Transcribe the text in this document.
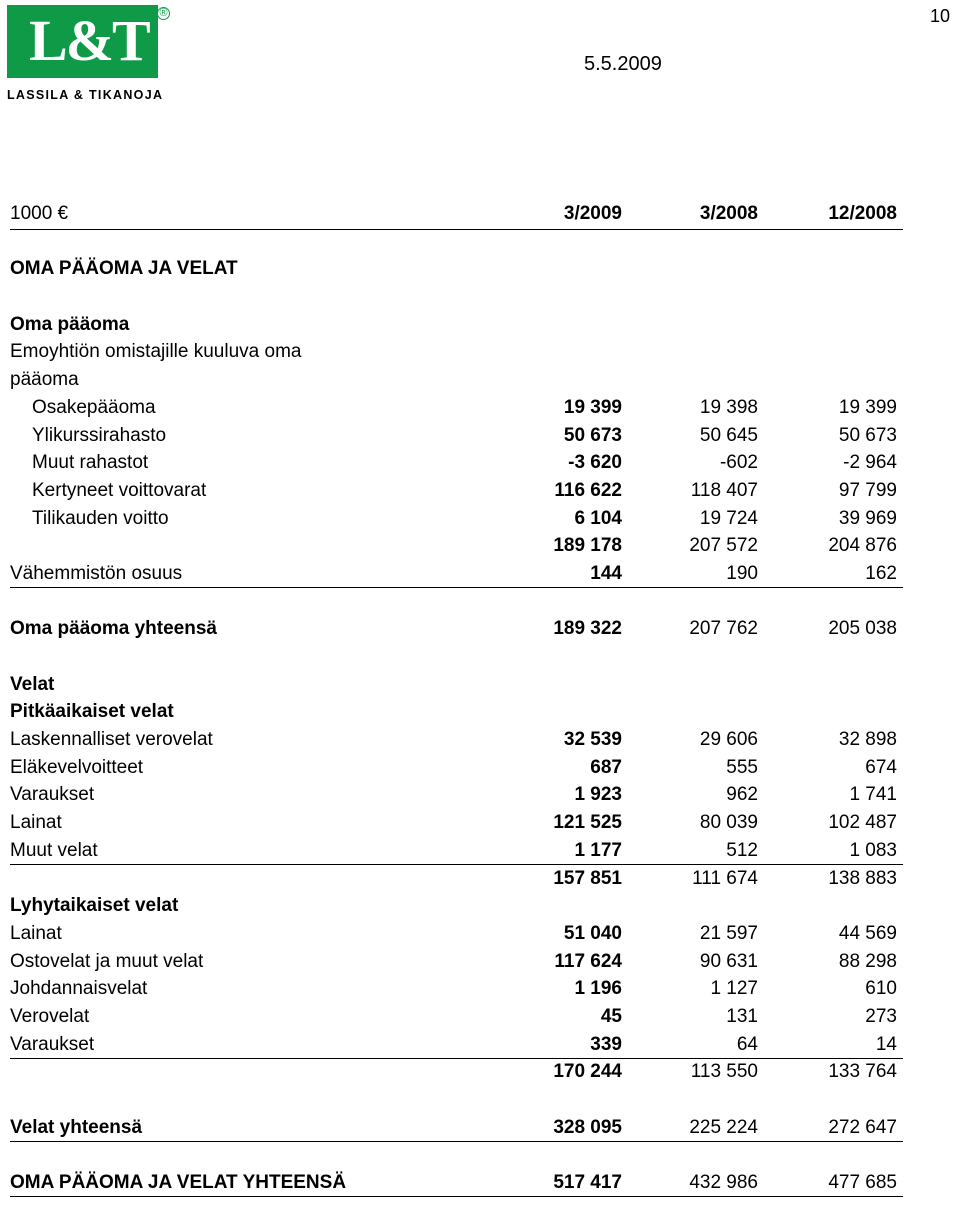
L&T ®
LASSILA & TIKANOJA
10
5.5.2009
1000 €	3/2009	3/2008	12/2008
OMA PÄÄOMA JA VELAT
Oma pääoma
Emoyhtiön omistajille kuuluva oma
pääoma
Osakepääoma	19 399	19 398	19 399
Ylikurssirahasto	50 673	50 645	50 673
Muut rahastot	-3 620	-602	-2 964
Kertyneet voittovarat	116 622	118 407	97 799
Tilikauden voitto	6 104	19 724	39 969
189 178	207 572	204 876
Vähemmistön osuus	144	190	162
Oma pääoma yhteensä	189 322	207 762	205 038
Velat
Pitkäaikaiset velat
Laskennalliset verovelat	32 539	29 606	32 898
Eläkevelvoitteet	687	555	674
Varaukset	1 923	962	1 741
Lainat	121 525	80 039	102 487
Muut velat	1 177	512	1 083
157 851	111 674	138 883
Lyhytaikaiset velat
Lainat	51 040	21 597	44 569
Ostovelat ja muut velat	117 624	90 631	88 298
Johdannaisvelat	1 196	1 127	610
Verovelat	45	131	273
Varaukset	339	64	14
170 244	113 550	133 764
Velat yhteensä	328 095	225 224	272 647
OMA PÄÄOMA JA VELAT YHTEENSÄ	517 417	432 986	477 685
